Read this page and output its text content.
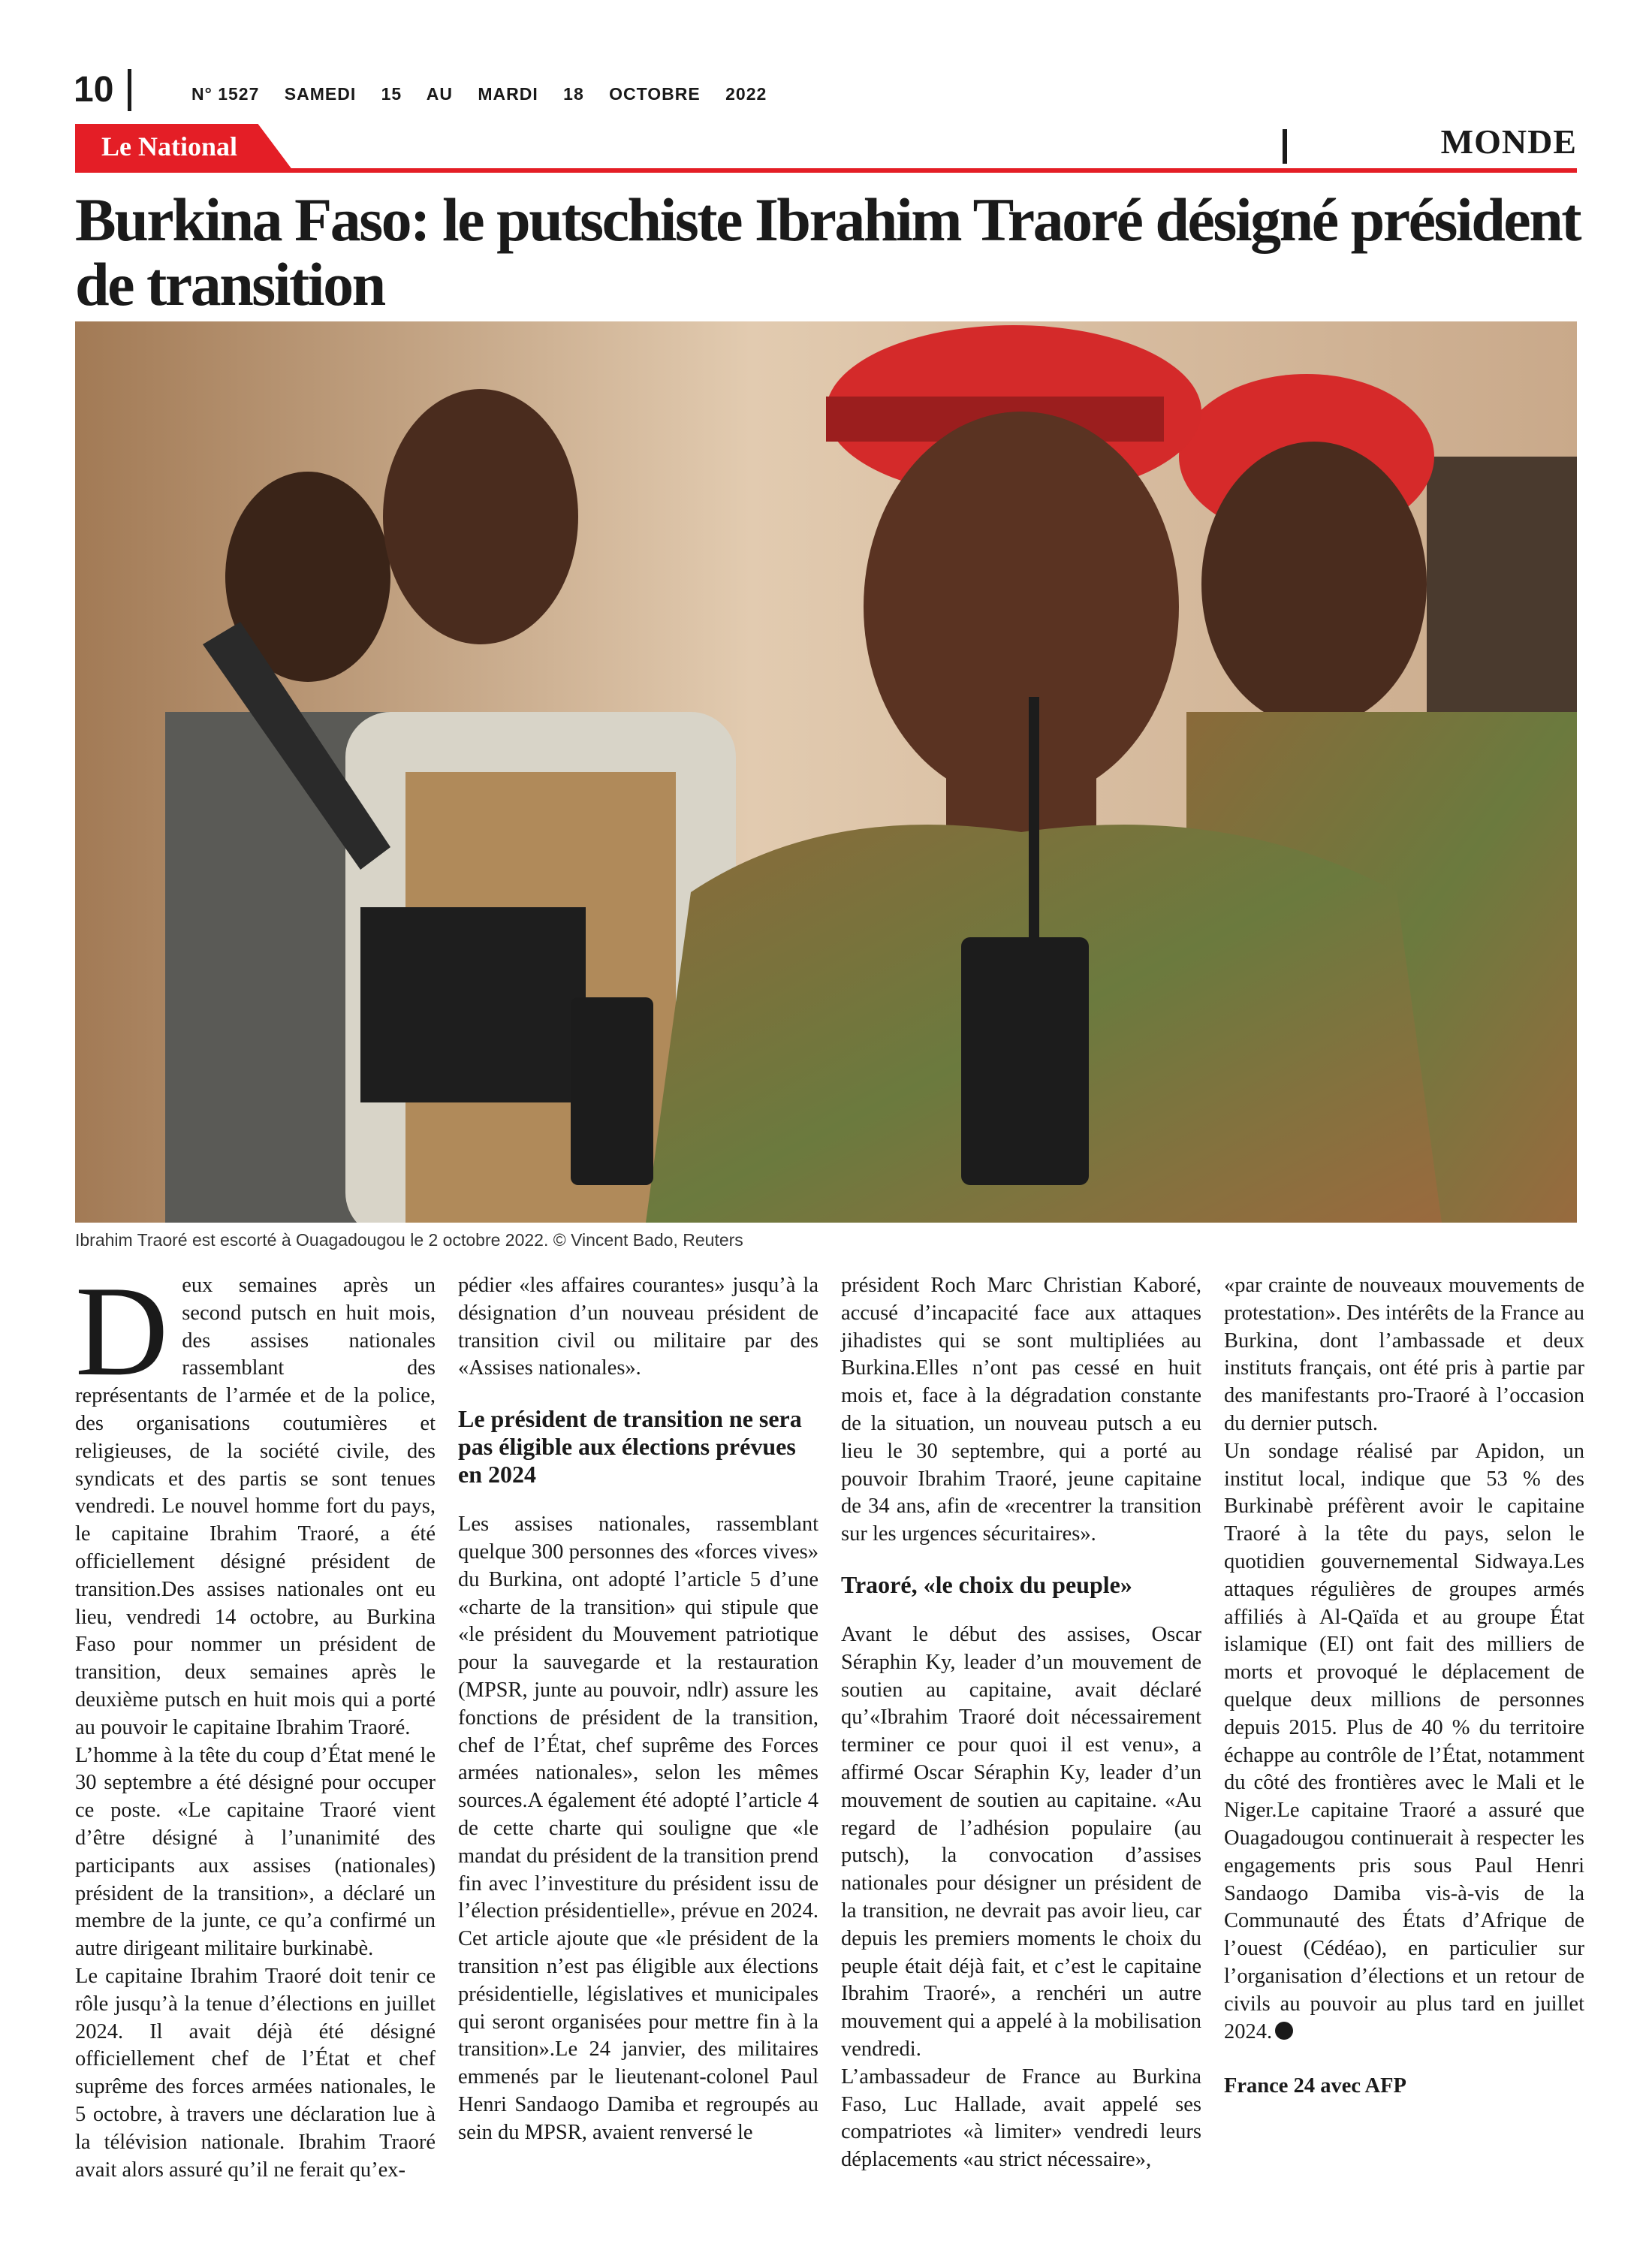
10	N° 1527 SAMEDI 15 AU MARDI 18 OCTOBRE 2022
Le National	MONDE
Burkina Faso: le putschiste Ibrahim Traoré désigné président de transition
Ibrahim Traoré est escorté à Ouagadougou le 2 octobre 2022. © Vincent Bado, Reuters
D eux semaines après un second putsch en huit mois, des assises nationales rassemblant des représentants de l’armée et de la police, des organisations coutumières et religieuses, de la société civile, des syndicats et des partis se sont tenues vendredi. Le nouvel homme fort du pays, le capitaine Ibrahim Traoré, a été officiellement désigné président de transition.Des assises nationales ont eu lieu, vendredi 14 octobre, au Burkina Faso pour nommer un président de transition, deux semaines après le deuxième putsch en huit mois qui a porté au pouvoir le capitaine Ibrahim Traoré.

L’homme à la tête du coup d’État mené le 30 septembre a été désigné pour occuper ce poste. «Le capitaine Traoré vient d’être désigné à l’unanimité des participants aux assises (nationales) président de la transition», a déclaré un membre de la junte, ce qu’a confirmé un autre dirigeant militaire burkinabè.

Le capitaine Ibrahim Traoré doit tenir ce rôle jusqu’à la tenue d’élections en juillet 2024. Il avait déjà été désigné officiellement chef de l’État et chef suprême des forces armées nationales, le 5 octobre, à travers une déclaration lue à la télévision nationale. Ibrahim Traoré avait alors assuré qu’il ne ferait qu’ex-

pédier «les affaires courantes» jusqu’à la désignation d’un nouveau président de transition civil ou militaire par des «Assises nationales».

Le président de transition ne sera pas éligible aux élections prévues en 2024

Les assises nationales, rassemblant quelque 300 personnes des «forces vives» du Burkina, ont adopté l’article 5 d’une «charte de la transition» qui stipule que «le président du Mouvement patriotique pour la sauvegarde et la restauration (MPSR, junte au pouvoir, ndlr) assure les fonctions de président de la transition, chef de l’État, chef suprême des Forces armées nationales», selon les mêmes sources.A également été adopté l’article 4 de cette charte qui souligne que «le mandat du président de la transition prend fin avec l’investiture du président issu de l’élection présidentielle», prévue en 2024. Cet article ajoute que «le président de la transition n’est pas éligible aux élections présidentielle, législatives et municipales qui seront organisées pour mettre fin à la transition».Le 24 janvier, des militaires emmenés par le lieutenant-colonel Paul Henri Sandaogo Damiba et regroupés au sein du MPSR, avaient renversé le

président Roch Marc Christian Kaboré, accusé d’incapacité face aux attaques jihadistes qui se sont multipliées au Burkina.Elles n’ont pas cessé en huit mois et, face à la dégradation constante de la situation, un nouveau putsch a eu lieu le 30 septembre, qui a porté au pouvoir Ibrahim Traoré, jeune capitaine de 34 ans, afin de «recentrer la transition sur les urgences sécuritaires».

Traoré, «le choix du peuple»

Avant le début des assises, Oscar Séraphin Ky, leader d’un mouvement de soutien au capitaine, avait déclaré qu’«Ibrahim Traoré doit nécessairement terminer ce pour quoi il est venu», a affirmé Oscar Séraphin Ky, leader d’un mouvement de soutien au capitaine. «Au regard de l’adhésion populaire (au putsch), la convocation d’assises nationales pour désigner un président de la transition, ne devrait pas avoir lieu, car depuis les premiers moments le choix du peuple était déjà fait, et c’est le capitaine Ibrahim Traoré», a renchéri un autre mouvement qui a appelé à la mobilisation vendredi.

L’ambassadeur de France au Burkina Faso, Luc Hallade, avait appelé ses compatriotes «à limiter» vendredi leurs déplacements «au strict nécessaire»,

«par crainte de nouveaux mouvements de protestation». Des intérêts de la France au Burkina, dont l’ambassade et deux instituts français, ont été pris à partie par des manifestants pro-Traoré à l’occasion du dernier putsch.

Un sondage réalisé par Apidon, un institut local, indique que 53 % des Burkinabè préfèrent avoir le capitaine Traoré à la tête du pays, selon le quotidien gouvernemental Sidwaya.Les attaques régulières de groupes armés affiliés à Al-Qaïda et au groupe État islamique (EI) ont fait des milliers de morts et provoqué le déplacement de quelque deux millions de personnes depuis 2015. Plus de 40 % du territoire échappe au contrôle de l’État, notamment du côté des frontières avec le Mali et le Niger.Le capitaine Traoré a assuré que Ouagadougou continuerait à respecter les engagements pris sous Paul Henri Sandaogo Damiba vis-à-vis de la Communauté des États d’Afrique de l’ouest (Cédéao), en particulier sur l’organisation d’élections et un retour de civils au pouvoir au plus tard en juillet 2024.

France 24 avec AFP
